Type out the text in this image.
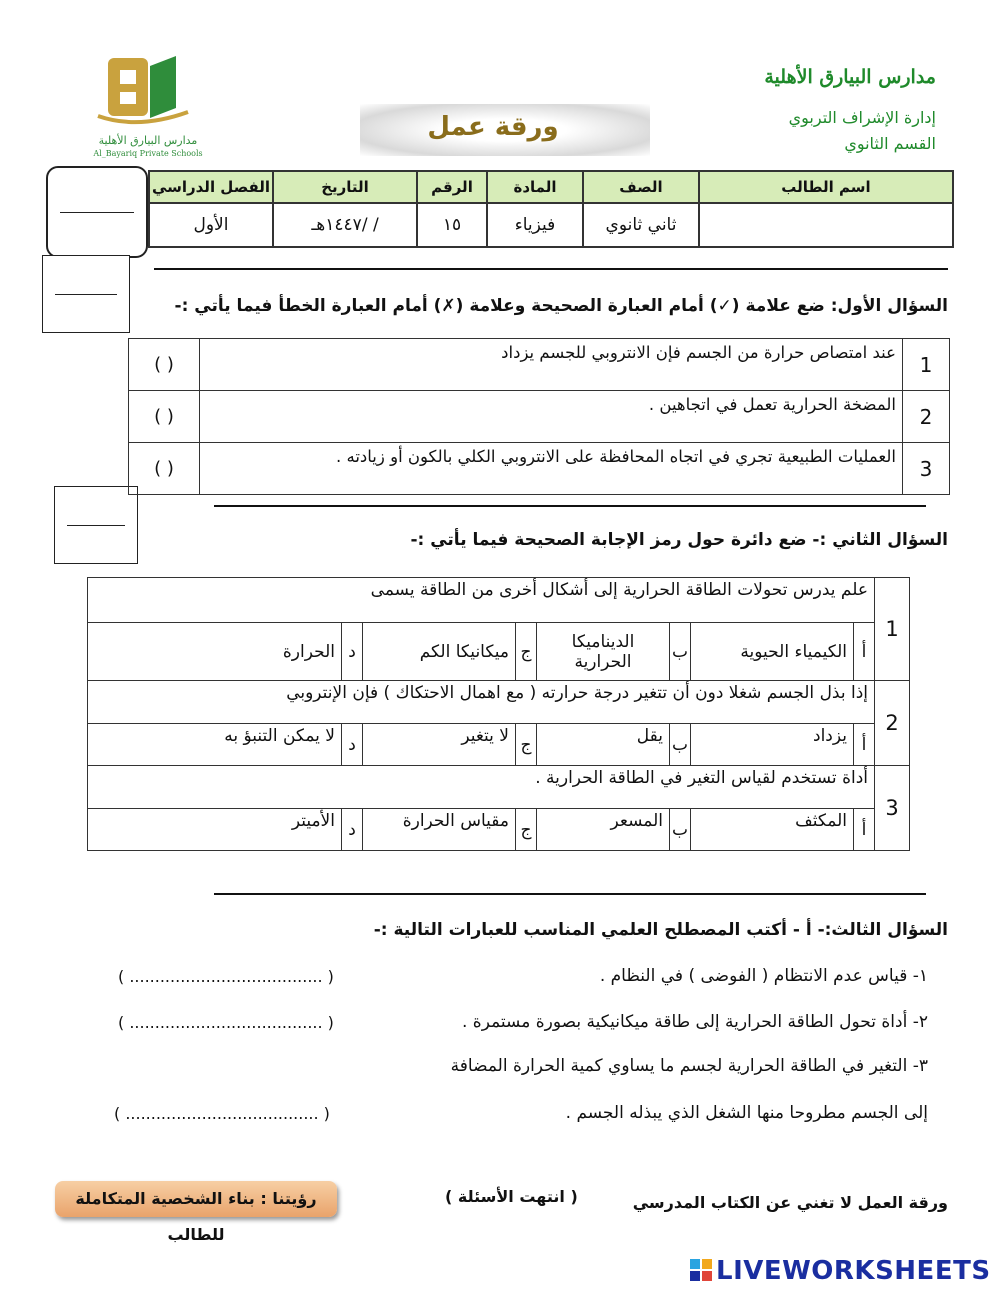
مدارس البيارق الأهلية
Al_Bayariq Private Schools
ورقة عمل
مدارس البيارق الأهلية
إدارة الإشراف التربوي
القسم الثانوي
اسم الطالب	الصف	المادة	الرقم	التاريخ	الفصل الدراسي
	ثاني ثانوي	فيزياء	١٥	/ /١٤٤٧هـ	الأول
السؤال الأول: ضع علامة (✓) أمام العبارة الصحيحة وعلامة (✗) أمام العبارة الخطأ فيما يأتي :-
1	عند امتصاص حرارة من الجسم فإن الانتروبي للجسم يزداد	( )
2	المضخة الحرارية تعمل في اتجاهين .	( )
3	العمليات الطبيعية تجري في اتجاه المحافظة على الانتروبي الكلي بالكون أو زيادته .	( )
السؤال الثاني :- ضع دائرة حول رمز الإجابة الصحيحة فيما يأتي :-
1	علم يدرس تحولات الطاقة الحرارية إلى أشكال أخرى من الطاقة يسمى							
	أ	الكيمياء الحيوية	ب	الديناميكا الحرارية	ج	ميكانيكا الكم	د	الحرارة
2	إذا بذل الجسم شغلا دون أن تتغير درجة حرارته ( مع اهمال الاحتكاك ) فإن الإنتروبي							
	أ	يزداد	ب	يقل	ج	لا يتغير	د	لا يمكن التنبؤ به
3	أداة تستخدم لقياس التغير في الطاقة الحرارية .							
	أ	المكثف	ب	المسعر	ج	مقياس الحرارة	د	الأميتر
السؤال الثالث:- أ - أكتب المصطلح العلمي المناسب للعبارات التالية :-
١- قياس عدم الانتظام ( الفوضى ) في النظام .
( ...................................... )
٢- أداة تحول الطاقة الحرارية إلى طاقة ميكانيكية بصورة مستمرة .
( ...................................... )
٣- التغير في الطاقة الحرارية لجسم ما يساوي كمية الحرارة المضافة
إلى الجسم مطروحا منها الشغل الذي يبذله الجسم .
( ...................................... )
ورقة العمل لا تغني عن الكتاب المدرسي
( انتهت الأسئلة )
رؤيتنا : بناء الشخصية المتكاملة للطالب
LIVEWORKSHEETS
